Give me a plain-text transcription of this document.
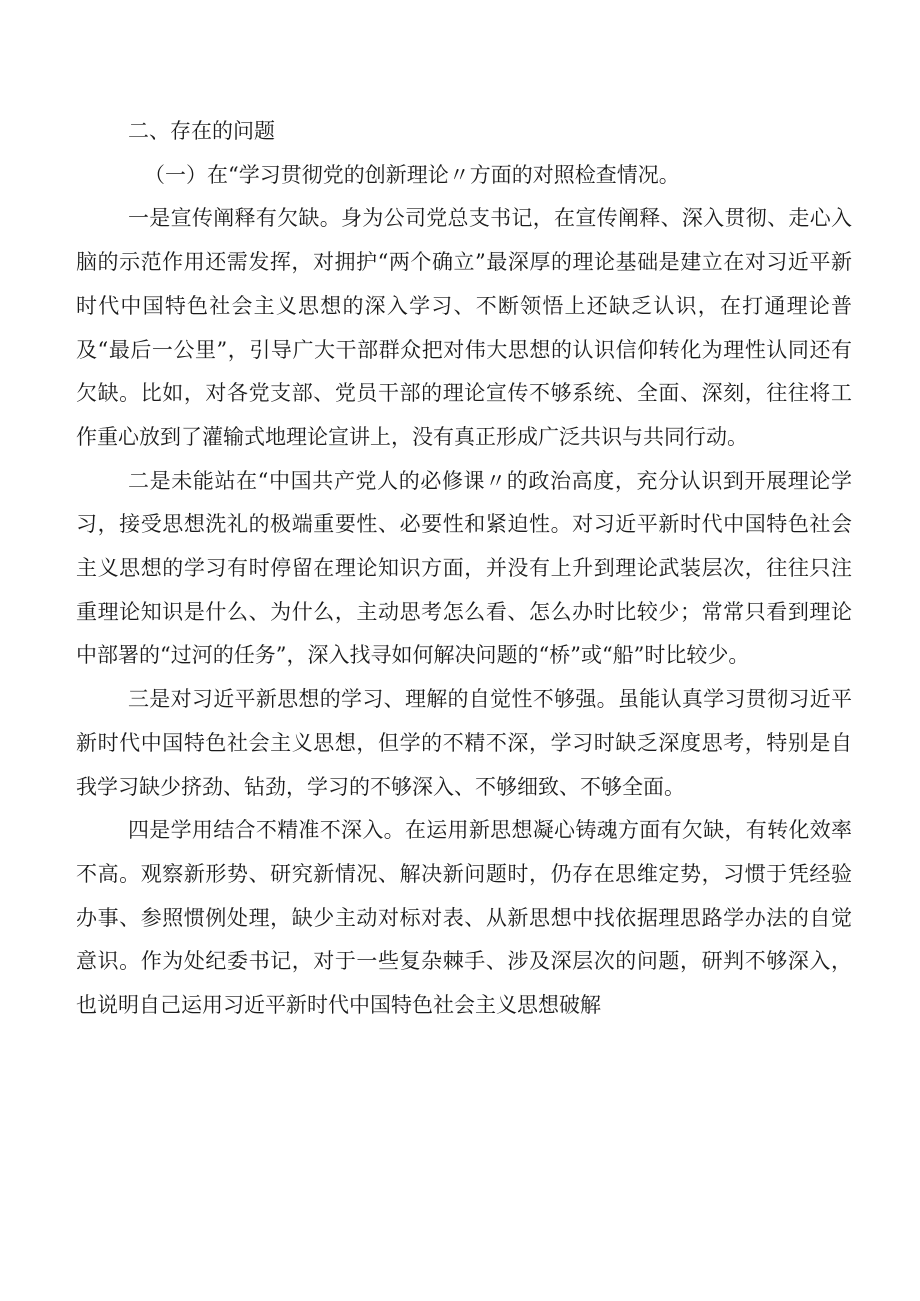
二、存在的问题

（一）在“学习贯彻党的创新理论〃方面的对照检查情况。

一是宣传阐释有欠缺。身为公司党总支书记，在宣传阐释、深入贯彻、走心入脑的示范作用还需发挥，对拥护“两个确立”最深厚的理论基础是建立在对习近平新时代中国特色社会主义思想的深入学习、不断领悟上还缺乏认识，在打通理论普及“最后一公里”，引导广大干部群众把对伟大思想的认识信仰转化为理性认同还有欠缺。比如，对各党支部、党员干部的理论宣传不够系统、全面、深刻，往往将工作重心放到了灌输式地理论宣讲上，没有真正形成广泛共识与共同行动。

二是未能站在“中国共产党人的必修课〃的政治高度，充分认识到开展理论学习，接受思想洗礼的极端重要性、必要性和紧迫性。对习近平新时代中国特色社会主义思想的学习有时停留在理论知识方面，并没有上升到理论武装层次，往往只注重理论知识是什么、为什么，主动思考怎么看、怎么办时比较少；常常只看到理论中部署的“过河的任务”，深入找寻如何解决问题的“桥”或“船”时比较少。

三是对习近平新思想的学习、理解的自觉性不够强。虽能认真学习贯彻习近平新时代中国特色社会主义思想，但学的不精不深，学习时缺乏深度思考，特别是自我学习缺少挤劲、钻劲，学习的不够深入、不够细致、不够全面。

四是学用结合不精准不深入。在运用新思想凝心铸魂方面有欠缺，有转化效率不高。观察新形势、研究新情况、解决新问题时，仍存在思维定势，习惯于凭经验办事、参照惯例处理，缺少主动对标对表、从新思想中找依据理思路学办法的自觉意识。作为处纪委书记，对于一些复杂棘手、涉及深层次的问题，研判不够深入，也说明自己运用习近平新时代中国特色社会主义思想破解
